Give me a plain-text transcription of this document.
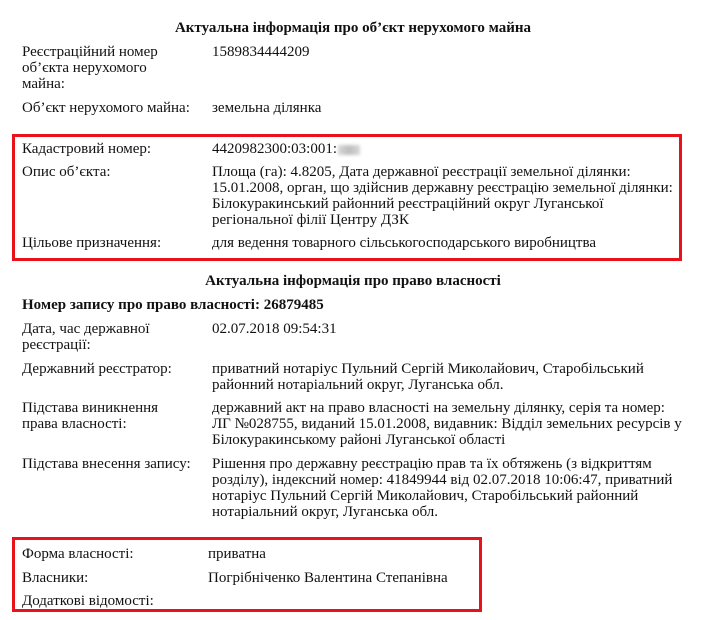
Актуальна інформація про об’єкт нерухомого майна
Реєстраційний номер об’єкта нерухомого майна:
1589834444209
Об’єкт нерухомого майна: земельна ділянка
Кадастровий номер:	4420982300:03:001:
Опис об’єкта:	Площа (га): 4.8205, Дата державної реєстрації земельної ділянки: 15.01.2008, орган, що здійснив державну реєстрацію земельної ділянки: Білокуракинський районний реєстраційний округ Луганської регіональної філії Центру ДЗК
Цільове призначення:	для ведення товарного сільськогосподарського виробництва
Актуальна інформація про право власності
Номер запису про право власності: 26879485
Дата, час державної реєстрації:
02.07.2018 09:54:31
Державний реєстратор:	приватний нотаріус Пульний Сергій Миколайович, Старобільський районний нотаріальний округ, Луганська обл.
Підстава виникнення права власності:
державний акт на право власності на земельну ділянку, серія та номер: ЛГ №028755, виданий 15.01.2008, видавник: Відділ земельних ресурсів у Білокуракинському районі Луганської області
Підстава внесення запису: Рішення про державну реєстрацію прав та їх обтяжень (з відкриттям розділу), індексний номер: 41849944 від 02.07.2018 10:06:47, приватний нотаріус Пульний Сергій Миколайович, Старобільський районний нотаріальний округ, Луганська обл.
Форма власності:	приватна
Власники:	Погрібніченко Валентина Степанівна
Додаткові відомості:
